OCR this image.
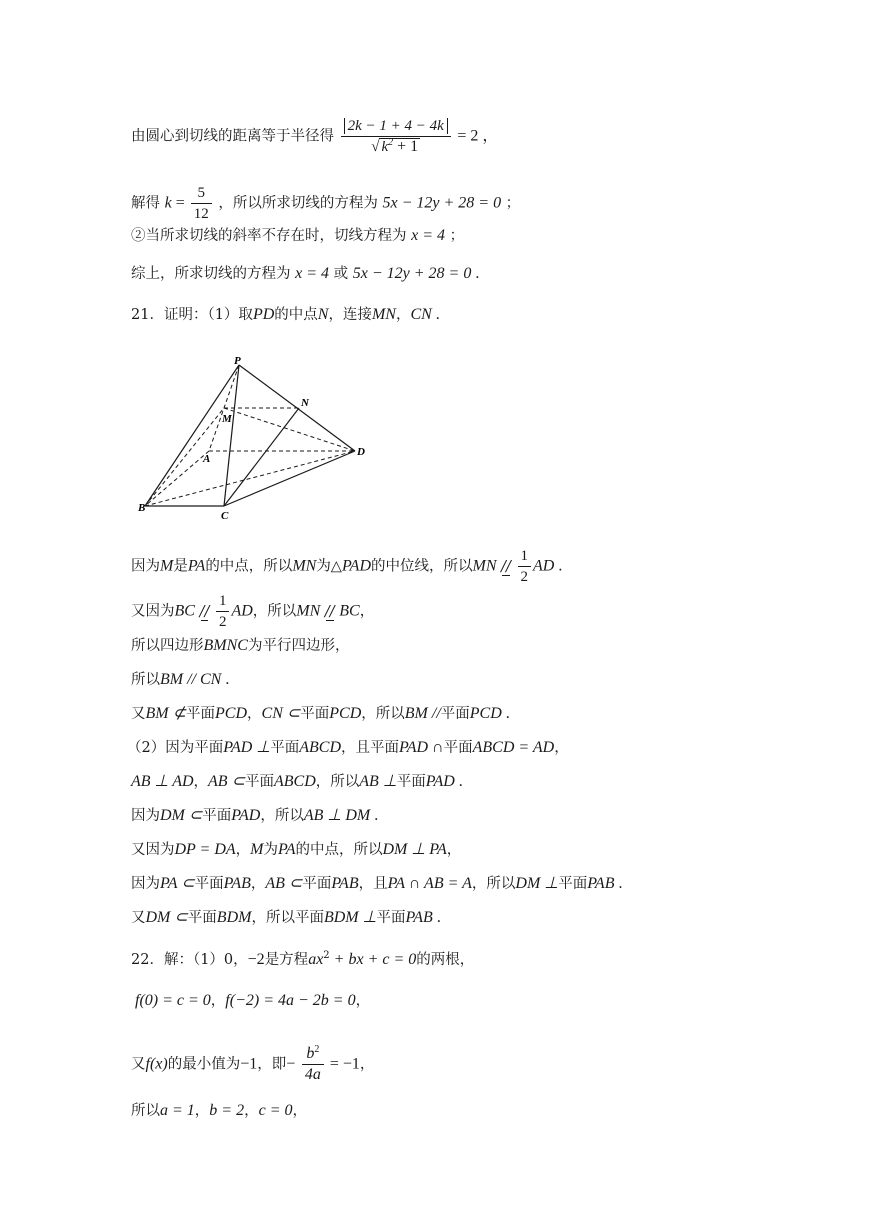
由圆心到切线的距离等于半径得 $\frac{2k - 1 + 4 - 4k}{√ k^2 + 1} = 2$ ，
解得 $k = \frac{5}{12}$ ，所以所求切线的方程为 5x − 12y + 28 = 0 ；
②当所求切线的斜率不存在时，切线方程为 x = 4 ；
综上，所求切线的方程为 x = 4 或 5x − 12y + 28 = 0 .
21．证明：（1）取PD的中点N，连接MN，CN .
P
N
M
A
D
B
C
因为M是PA的中点，所以MN为△PAD的中位线，所以MN // $\frac{1}{2}$ AD .
又因为BC // $\frac{1}{2}$ AD，所以MN // BC，
所以四边形BMNC为平行四边形，
所以BM // CN .
又BM ⊄平面PCD，CN ⊂平面PCD，所以BM //平面PCD .
（2）因为平面PAD ⊥平面ABCD，且平面PAD ∩平面ABCD = AD，
AB ⊥ AD，AB ⊂平面ABCD，所以AB ⊥平面PAD .
因为DM ⊂平面PAD，所以AB ⊥ DM .
又因为DP = DA，M为PA的中点，所以DM ⊥ PA，
因为PA ⊂平面PAB，AB ⊂平面PAB，且PA ∩ AB = A，所以DM ⊥平面PAB .
又DM ⊂平面BDM，所以平面BDM ⊥平面PAB .
22．解：（1）0，−2是方程$ax^2$ + bx + c = 0的两根，
f(0) = c = 0，f(−2) = 4a − 2b = 0，
又f(x)的最小值为−1，即− $\frac{b^2}{4a} = -1$，
所以a = 1，b = 2，c = 0，
